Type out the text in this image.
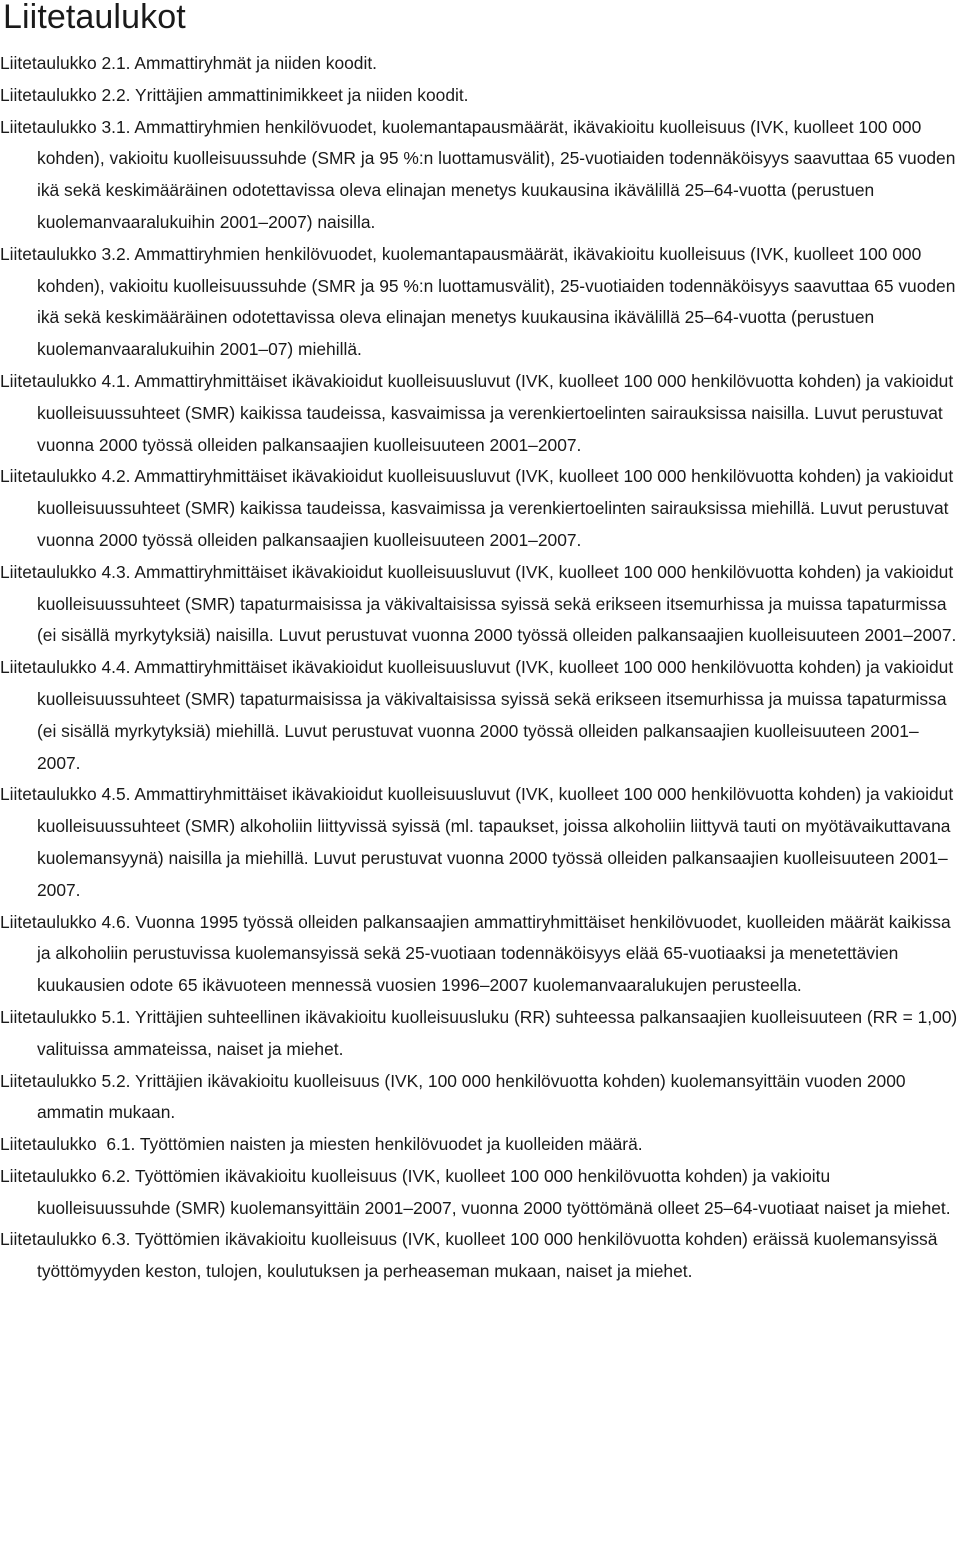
Liitetaulukot
Liitetaulukko 2.1. Ammattiryhmät ja niiden koodit.
Liitetaulukko 2.2. Yrittäjien ammattinimikkeet ja niiden koodit.
Liitetaulukko 3.1. Ammattiryhmien henkilövuodet, kuolemantapausmäärät, ikävakioitu kuolleisuus (IVK, kuolleet 100 000 kohden), vakioitu kuolleisuussuhde (SMR ja 95 %:n luottamusvälit), 25-vuotiaiden todennäköisyys saavuttaa 65 vuoden ikä sekä keskimääräinen odotettavissa oleva elinajan menetys kuukausina ikävälillä 25–64-vuotta (perustuen kuolemanvaaralukuihin 2001–2007) naisilla.
Liitetaulukko 3.2. Ammattiryhmien henkilövuodet, kuolemantapausmäärät, ikävakioitu kuolleisuus (IVK, kuolleet 100 000 kohden), vakioitu kuolleisuussuhde (SMR ja 95 %:n luottamusvälit), 25-vuotiaiden todennäköisyys saavuttaa 65 vuoden ikä sekä keskimääräinen odotettavissa oleva elinajan menetys kuukausina ikävälillä 25–64-vuotta (perustuen kuolemanvaaralukuihin 2001–07) miehillä.
Liitetaulukko 4.1. Ammattiryhmittäiset ikävakioidut kuolleisuusluvut (IVK, kuolleet 100 000 henkilövuotta kohden) ja vakioidut kuolleisuussuhteet (SMR) kaikissa taudeissa, kasvaimissa ja verenkiertoelinten sairauksissa naisilla. Luvut perustuvat vuonna 2000 työssä olleiden palkansaajien kuolleisuuteen 2001–2007.
Liitetaulukko 4.2. Ammattiryhmittäiset ikävakioidut kuolleisuusluvut (IVK, kuolleet 100 000 henkilövuotta kohden) ja vakioidut kuolleisuussuhteet (SMR) kaikissa taudeissa, kasvaimissa ja verenkiertoelinten sairauksissa miehillä. Luvut perustuvat vuonna 2000 työssä olleiden palkansaajien kuolleisuuteen 2001–2007.
Liitetaulukko 4.3. Ammattiryhmittäiset ikävakioidut kuolleisuusluvut (IVK, kuolleet 100 000 henkilövuotta kohden) ja vakioidut kuolleisuussuhteet (SMR) tapaturmaisissa ja väkivaltaisissa syissä sekä erikseen itsemurhissa ja muissa tapaturmissa (ei sisällä myrkytyksiä) naisilla. Luvut perustuvat vuonna 2000 työssä olleiden palkansaajien kuolleisuuteen 2001–2007.
Liitetaulukko 4.4. Ammattiryhmittäiset ikävakioidut kuolleisuusluvut (IVK, kuolleet 100 000 henkilövuotta kohden) ja vakioidut kuolleisuussuhteet (SMR) tapaturmaisissa ja väkivaltaisissa syissä sekä erikseen itsemurhissa ja muissa tapaturmissa (ei sisällä myrkytyksiä) miehillä. Luvut perustuvat vuonna 2000 työssä olleiden palkansaajien kuolleisuuteen 2001–2007.
Liitetaulukko 4.5. Ammattiryhmittäiset ikävakioidut kuolleisuusluvut (IVK, kuolleet 100 000 henkilövuotta kohden) ja vakioidut kuolleisuussuhteet (SMR) alkoholiin liittyvissä syissä (ml. tapaukset, joissa alkoholiin liittyvä tauti on myötävaikuttavana kuolemansyynä) naisilla ja miehillä. Luvut perustuvat vuonna 2000 työssä olleiden palkansaajien kuolleisuuteen 2001–2007.
Liitetaulukko 4.6. Vuonna 1995 työssä olleiden palkansaajien ammattiryhmittäiset henkilövuodet, kuolleiden määrät kaikissa ja alkoholiin perustuvissa kuolemansyissä sekä 25-vuotiaan todennäköisyys elää 65-vuotiaaksi ja menetettävien kuukausien odote 65 ikävuoteen mennessä vuosien 1996–2007 kuolemanvaaralukujen perusteella.
Liitetaulukko 5.1. Yrittäjien suhteellinen ikävakioitu kuolleisuusluku (RR) suhteessa palkansaajien kuolleisuuteen (RR = 1,00) valituissa ammateissa, naiset ja miehet.
Liitetaulukko 5.2. Yrittäjien ikävakioitu kuolleisuus (IVK, 100 000 henkilövuotta kohden) kuolemansyittäin vuoden 2000 ammatin mukaan.
Liitetaulukko  6.1. Työttömien naisten ja miesten henkilövuodet ja kuolleiden määrä.
Liitetaulukko 6.2. Työttömien ikävakioitu kuolleisuus (IVK, kuolleet 100 000 henkilövuotta kohden) ja vakioitu kuolleisuussuhde (SMR) kuolemansyittäin 2001–2007, vuonna 2000 työttömänä olleet 25–64-vuotiaat naiset ja miehet.
Liitetaulukko 6.3. Työttömien ikävakioitu kuolleisuus (IVK, kuolleet 100 000 henkilövuotta kohden) eräissä kuolemansyissä työttömyyden keston, tulojen, koulutuksen ja perheaseman mukaan, naiset ja miehet.
